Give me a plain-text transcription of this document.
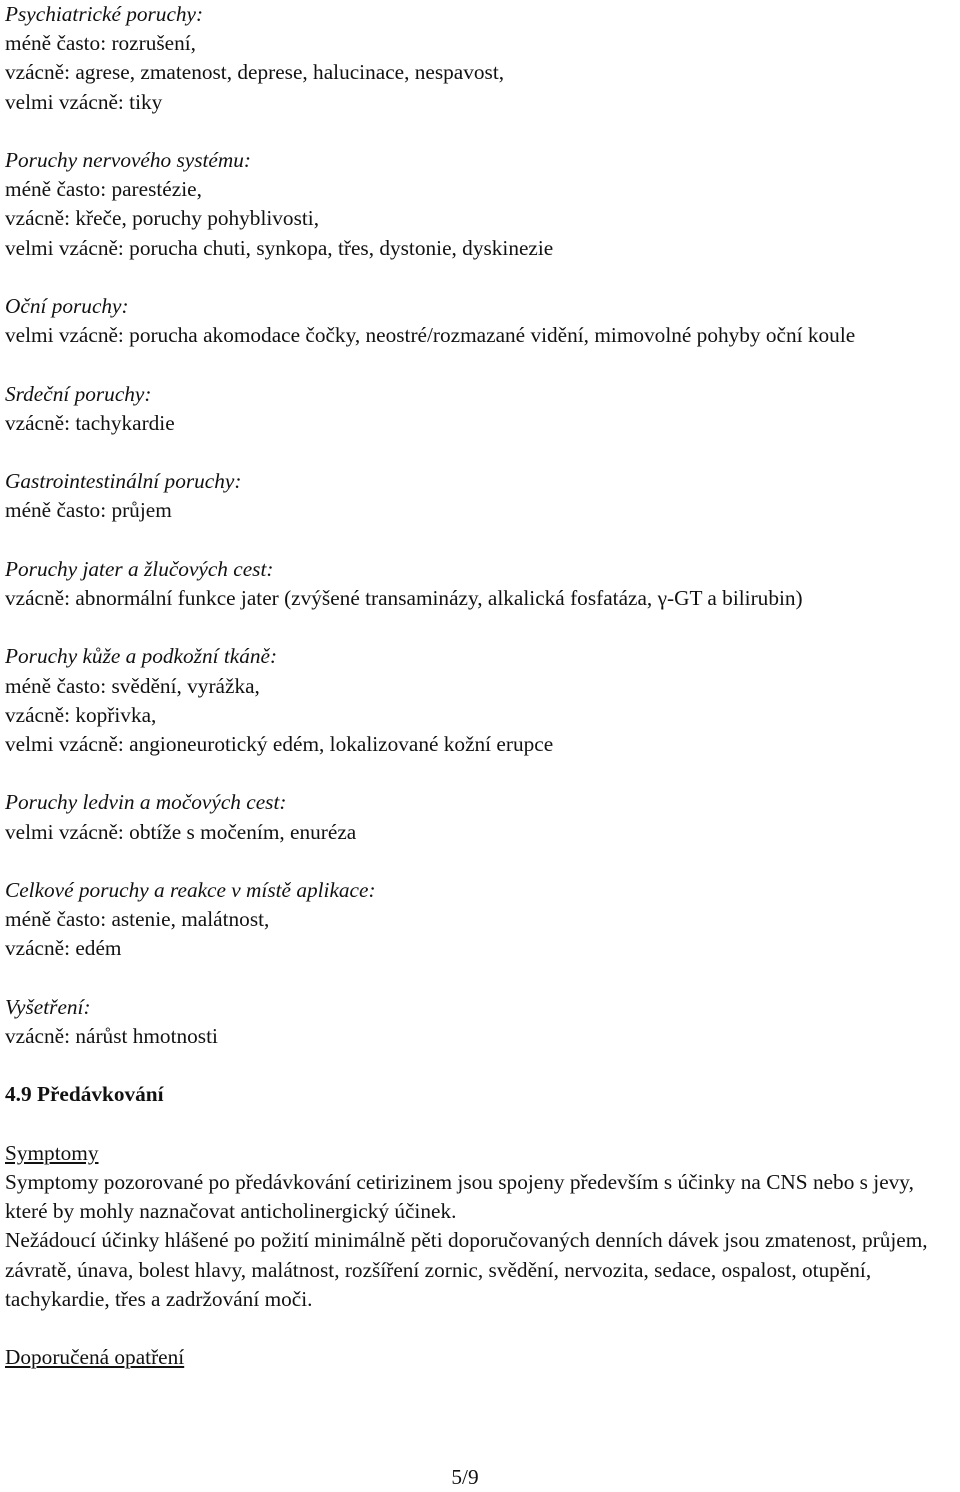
Psychiatrické poruchy:
méně často: rozrušení,
vzácně: agrese, zmatenost, deprese, halucinace, nespavost,
velmi vzácně: tiky
Poruchy nervového systému:
méně často: parestézie,
vzácně: křeče, poruchy pohyblivosti,
velmi vzácně: porucha chuti, synkopa, třes, dystonie, dyskinezie
Oční poruchy:
velmi vzácně: porucha akomodace čočky, neostré/rozmazané vidění, mimovolné pohyby oční koule
Srdeční poruchy:
vzácně: tachykardie
Gastrointestinální poruchy:
méně často: průjem
Poruchy jater a žlučových cest:
vzácně: abnormální funkce jater (zvýšené transaminázy, alkalická fosfatáza, γ-GT a bilirubin)
Poruchy kůže a podkožní tkáně:
méně často: svědění, vyrážka,
vzácně: kopřivka,
velmi vzácně: angioneurotický edém, lokalizované kožní erupce
Poruchy ledvin a močových cest:
velmi vzácně: obtíže s močením, enuréza
Celkové poruchy a reakce v místě aplikace:
méně často: astenie, malátnost,
vzácně: edém
Vyšetření:
vzácně: nárůst hmotnosti
4.9 Předávkování
Symptomy
Symptomy pozorované po předávkování cetirizinem jsou spojeny především s účinky na CNS nebo s jevy, které by mohly naznačovat anticholinergický účinek.
Nežádoucí účinky hlášené po požití minimálně pěti doporučovaných denních dávek jsou zmatenost, průjem, závratě, únava, bolest hlavy, malátnost, rozšíření zornic, svědění, nervozita, sedace, ospalost, otupění, tachykardie, třes a zadržování moči.
Doporučená opatření
5/9
